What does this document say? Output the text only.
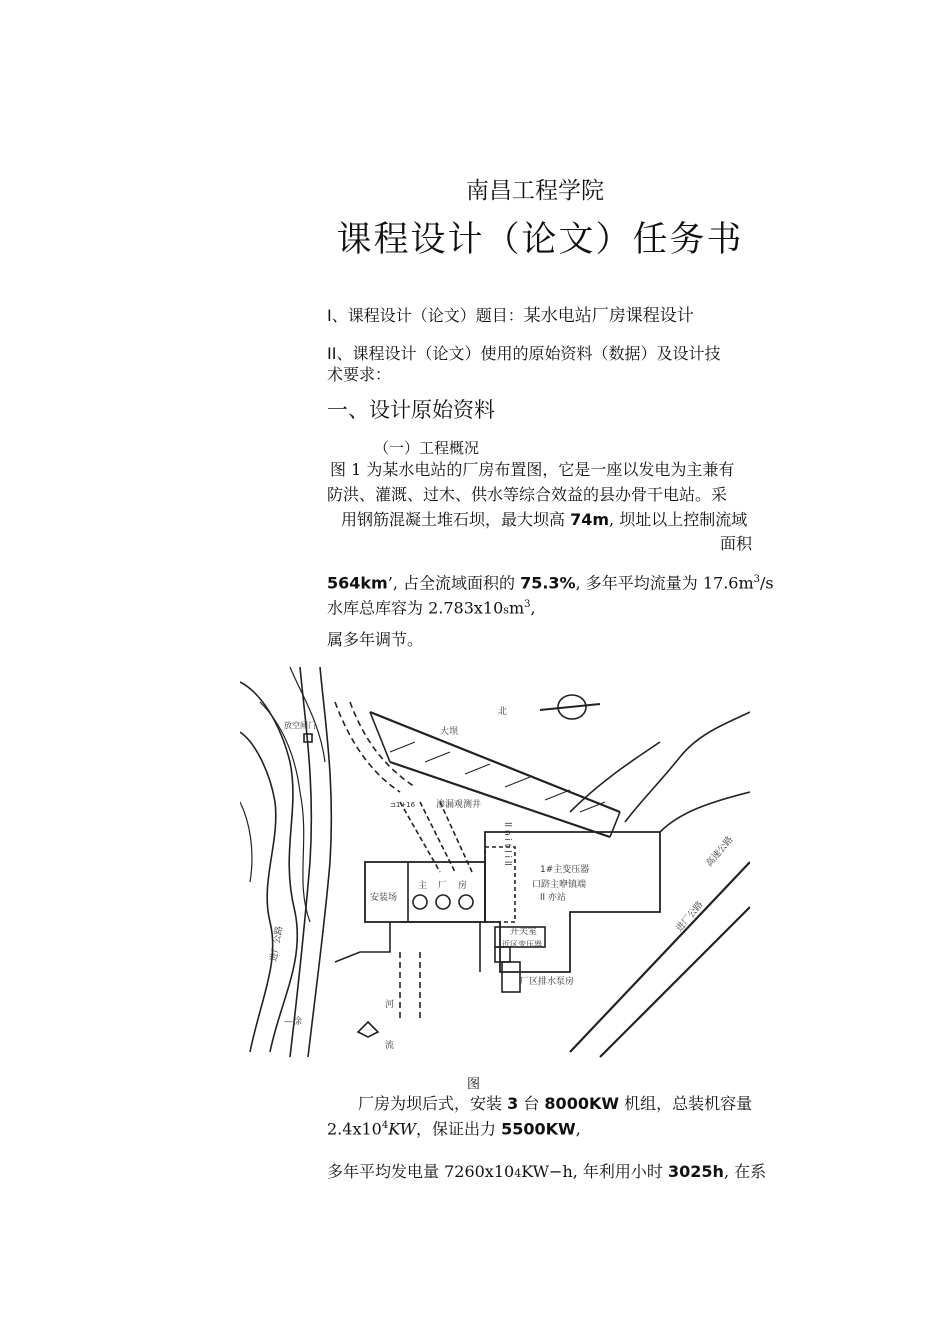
南昌工程学院
课程设计（论文）任务书
I、课程设计（论文）题目：某水电站厂房课程设计
II、课程设计（论文）使用的原始资料（数据）及设计技
术要求：
一、设计原始资料
（一）工程概况
图 1 为某水电站的厂房布置图，它是一座以发电为主兼有
防洪、灌溉、过木、供水等综合效益的县办骨干电站。采
用钢筋混凝土堆石坝，最大坝高 74m, 坝址以上控制流域
面积
564km’, 占全流域面积的 75.3%, 多年平均流量为 $17.6m^3/s$
水库总库容为 $2.783x10sm^3$,
属多年调节。
大坝
北
放空闸门
渗漏观测井
⊐1+16
ll n i t l i ll
1#主变压器
口跻主咿镇端
ll 亦站
安装场
主 厂 房
开关室
近区变压器
厂区排水泵房
进厂公路
河
流
—涂
高速公路
进厂公路
图
厂房为坝后式，安装 3 台 8000KW 机组，总装机容量
$2.4x10^4KW$，保证出力 5500KW,
多年平均发电量 7260x104KW−h, 年利用小时 3025h, 在系
